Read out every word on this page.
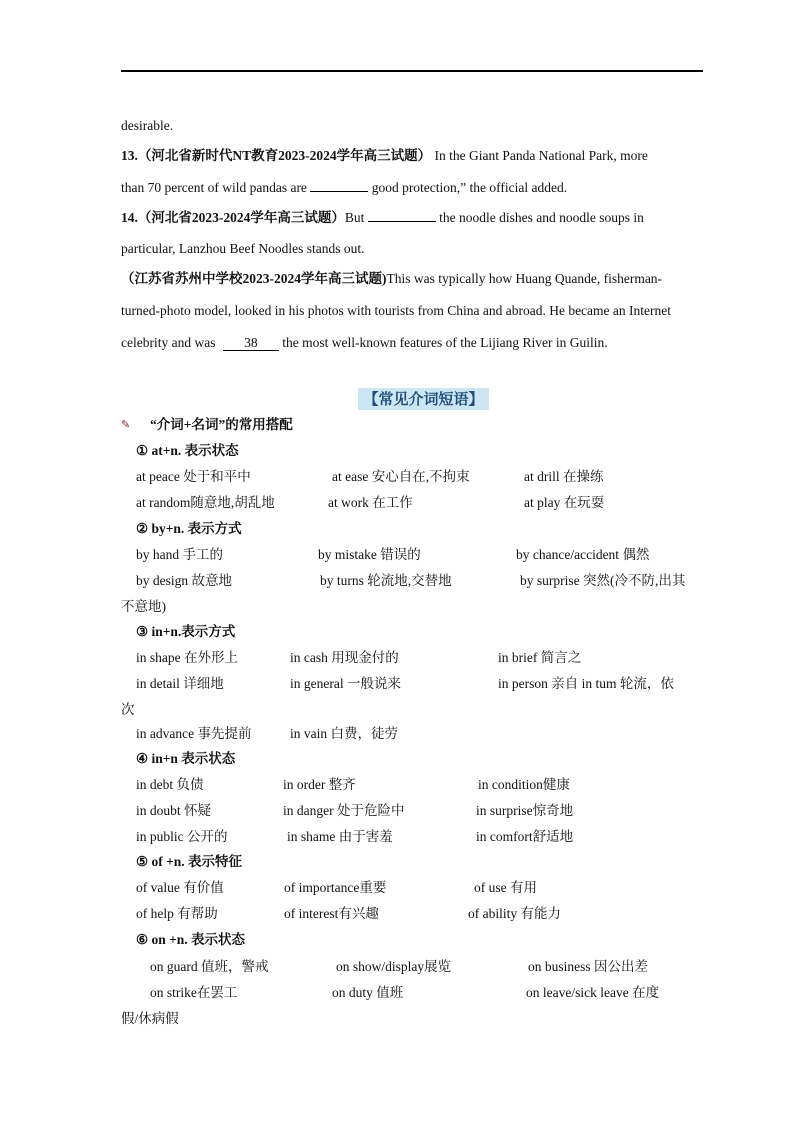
desirable.
13.（河北省新时代NT教育2023-2024学年高三试题） In the Giant Panda National Park, more
than 70 percent of wild pandas are	good protection,” the official added.
14.（河北省2023-2024学年高三试题）But	the noodle dishes and noodle soups in
particular, Lanzhou Beef Noodles stands out.
（江苏省苏州中学校2023-2024学年高三试题)This was typically how Huang Quande, fisherman-
turned-photo model, looked in his photos with tourists from China and abroad. He became an Internet
celebrity and was 38 the most well-known features of the Lijiang River in Guilin.
【常见介词短语】
✎ “介词+名词”的常用搭配
① at+n. 表示状态
at peace 处于和平中	at ease 安心自在,不拘束	at drill 在操练
at random随意地,胡乱地	at work 在工作	at play 在玩耍
② by+n. 表示方式
by hand 手工的	by mistake 错误的	by chance/accident 偶然
by design 故意地	by turns 轮流地,交替地	by surprise 突然(冷不防,出其
不意地)
③ in+n.表示方式
in shape 在外形上	in cash 用现金付的	in brief 简言之
in detail 详细地	in general 一般说来	in person 亲自 in tum 轮流，依
次
in advance 事先提前	in vain 白费，徒劳
④ in+n 表示状态
in debt 负债	in order 整齐	in condition健康
in doubt 怀疑	in danger 处于危险中	in surprise惊奇地
in public 公开的	in shame 由于害羞	in comfort舒适地
⑤ of +n. 表示特征
of value 有价值	of importance重要	of use 有用
of help 有帮助	of interest有兴趣	of ability 有能力
⑥ on +n. 表示状态
on guard 值班，警戒	on show/display展览	on business 因公出差
on strike在罢工	on duty 值班	on leave/sick leave 在度
假/休病假
